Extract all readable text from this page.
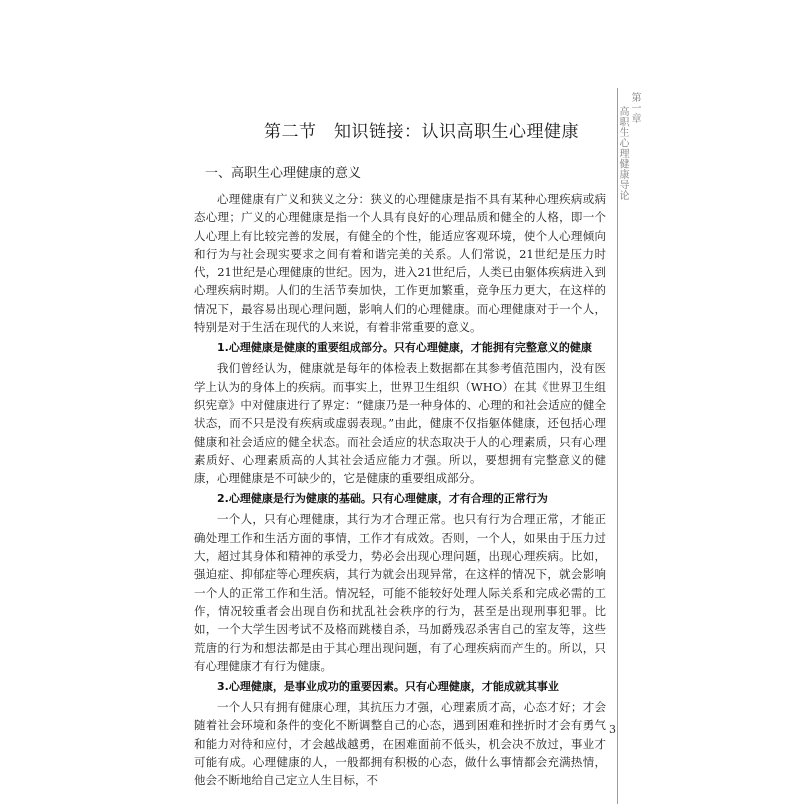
第一章
高职生心理健康导论
第二节　知识链接：认识高职生心理健康
一、高职生心理健康的意义

心理健康有广义和狭义之分：狭义的心理健康是指不具有某种心理疾病或病态心理；广义的心理健康是指一个人具有良好的心理品质和健全的人格，即一个人心理上有比较完善的发展，有健全的个性，能适应客观环境，使个人心理倾向和行为与社会现实要求之间有着和谐完美的关系。人们常说，21世纪是压力时代，21世纪是心理健康的世纪。因为，进入21世纪后，人类已由躯体疾病进入到心理疾病时期。人们的生活节奏加快，工作更加繁重，竞争压力更大，在这样的情况下，最容易出现心理问题，影响人们的心理健康。而心理健康对于一个人，特别是对于生活在现代的人来说，有着非常重要的意义。

1.心理健康是健康的重要组成部分。只有心理健康，才能拥有完整意义的健康

我们曾经认为，健康就是每年的体检表上数据都在其参考值范围内，没有医学上认为的身体上的疾病。而事实上，世界卫生组织（WHO）在其《世界卫生组织宪章》中对健康进行了界定：“健康乃是一种身体的、心理的和社会适应的健全状态，而不只是没有疾病或虚弱表现。”由此，健康不仅指躯体健康，还包括心理健康和社会适应的健全状态。而社会适应的状态取决于人的心理素质，只有心理素质好、心理素质高的人其社会适应能力才强。所以，要想拥有完整意义的健康，心理健康是不可缺少的，它是健康的重要组成部分。

2.心理健康是行为健康的基础。只有心理健康，才有合理的正常行为

一个人，只有心理健康，其行为才合理正常。也只有行为合理正常，才能正确处理工作和生活方面的事情，工作才有成效。否则，一个人，如果由于压力过大，超过其身体和精神的承受力，势必会出现心理问题，出现心理疾病。比如，强迫症、抑郁症等心理疾病，其行为就会出现异常，在这样的情况下，就会影响一个人的正常工作和生活。情况轻，可能不能较好处理人际关系和完成必需的工作，情况较重者会出现自伤和扰乱社会秩序的行为，甚至是出现刑事犯罪。比如，一个大学生因考试不及格而跳楼自杀，马加爵残忍杀害自己的室友等，这些荒唐的行为和想法都是由于其心理出现问题，有了心理疾病而产生的。所以，只有心理健康才有行为健康。

3.心理健康，是事业成功的重要因素。只有心理健康，才能成就其事业

一个人只有拥有健康心理，其抗压力才强，心理素质才高，心态才好；才会随着社会环境和条件的变化不断调整自己的心态，遇到困难和挫折时才会有勇气和能力对待和应付，才会越战越勇，在困难面前不低头，机会决不放过，事业才可能有成。心理健康的人，一般都拥有积极的心态，做什么事情都会充满热情，他会不断地给自己定立人生目标，不

3
